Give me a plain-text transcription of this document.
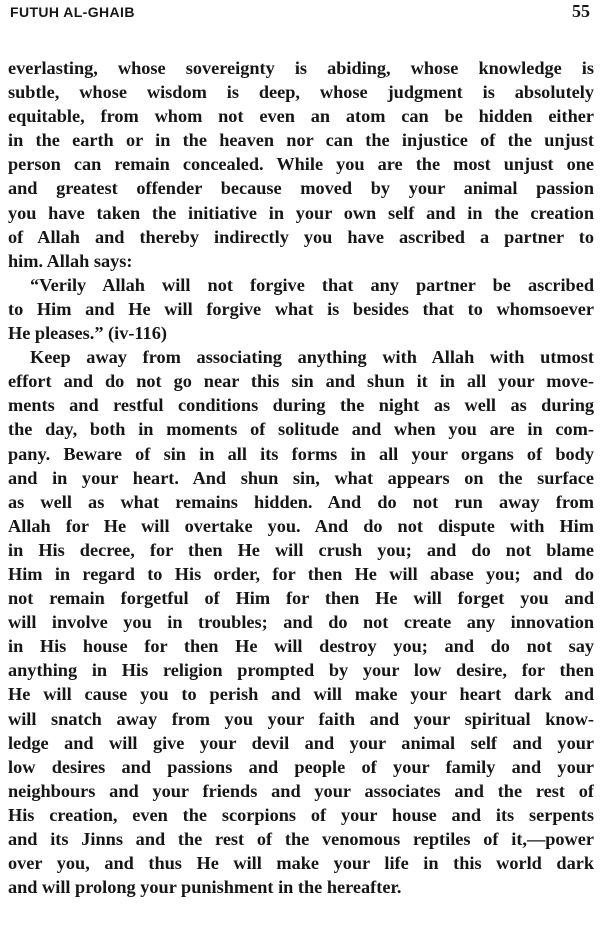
FUTUH AL-GHAIB	55
everlasting, whose sovereignty is abiding, whose knowledge is
subtle, whose wisdom is deep, whose judgment is absolutely
equitable, from whom not even an atom can be hidden either
in the earth or in the heaven nor can the injustice of the unjust
person can remain concealed. While you are the most unjust one
and greatest offender because moved by your animal passion
you have taken the initiative in your own self and in the creation
of Allah and thereby indirectly you have ascribed a partner to
him. Allah says:
“Verily Allah will not forgive that any partner be ascribed
to Him and He will forgive what is besides that to whomsoever
He pleases.” (iv-116)
Keep away from associating anything with Allah with utmost
effort and do not go near this sin and shun it in all your move-
ments and restful conditions during the night as well as during
the day, both in moments of solitude and when you are in com-
pany. Beware of sin in all its forms in all your organs of body
and in your heart. And shun sin, what appears on the surface
as well as what remains hidden. And do not run away from
Allah for He will overtake you. And do not dispute with Him
in His decree, for then He will crush you; and do not blame
Him in regard to His order, for then He will abase you; and do
not remain forgetful of Him for then He will forget you and
will involve you in troubles; and do not create any innovation
in His house for then He will destroy you; and do not say
anything in His religion prompted by your low desire, for then
He will cause you to perish and will make your heart dark and
will snatch away from you your faith and your spiritual know-
ledge and will give your devil and your animal self and your
low desires and passions and people of your family and your
neighbours and your friends and your associates and the rest of
His creation, even the scorpions of your house and its serpents
and its Jinns and the rest of the venomous reptiles of it,—power
over you, and thus He will make your life in this world dark
and will prolong your punishment in the hereafter.
